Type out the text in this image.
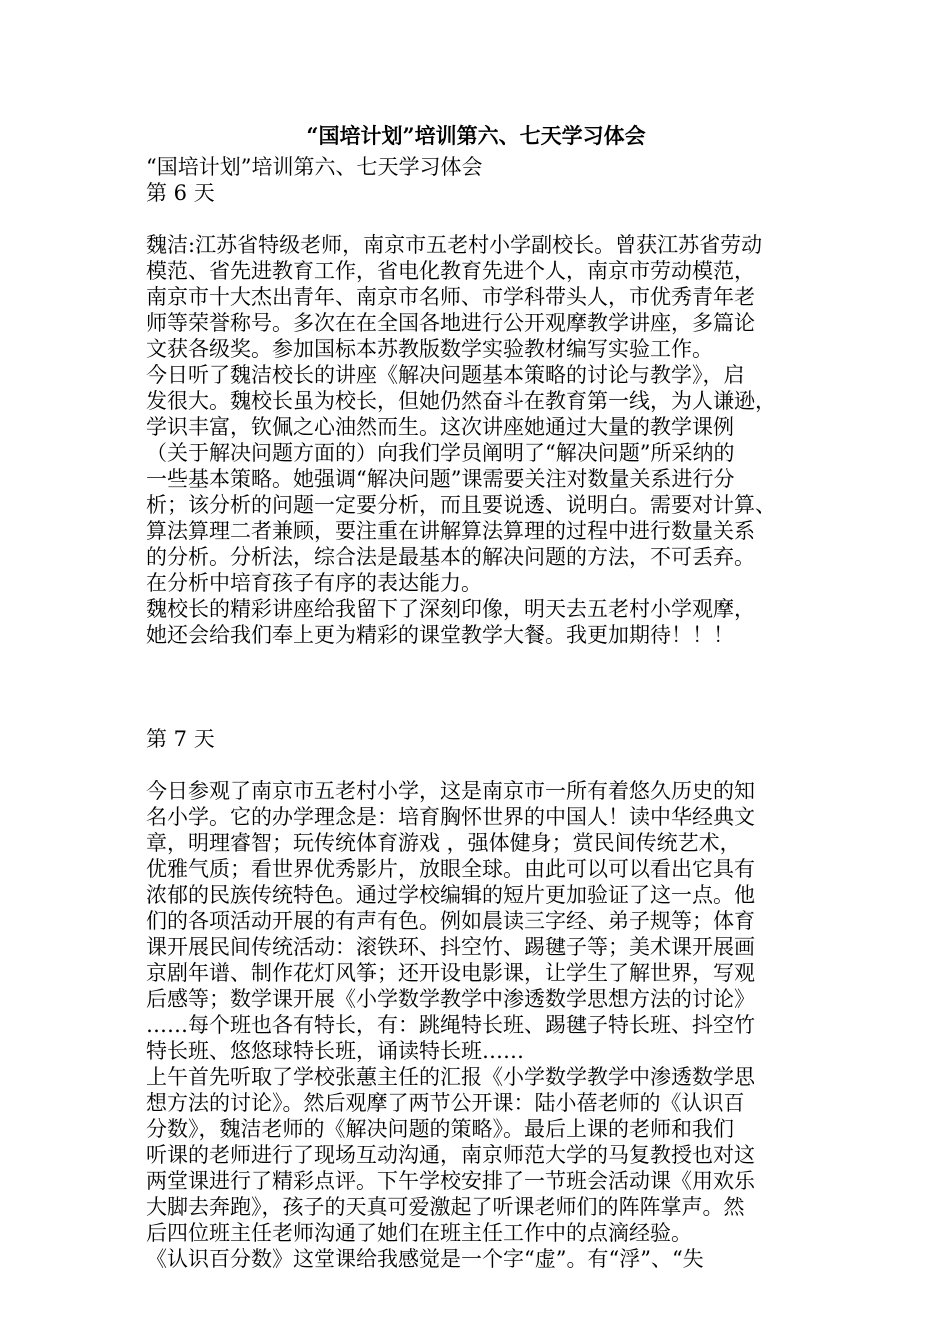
“国培计划”培训第六、七天学习体会

“国培计划”培训第六、七天学习体会

第 6 天

魏洁:江苏省特级老师，南京市五老村小学副校长。曾获江苏省劳动

模范、省先进教育工作，省电化教育先进个人，南京市劳动模范，

南京市十大杰出青年、南京市名师、市学科带头人，市优秀青年老

师等荣誉称号。多次在在全国各地进行公开观摩教学讲座，多篇论

文获各级奖。参加国标本苏教版数学实验教材编写实验工作。

今日听了魏洁校长的讲座《解决问题基本策略的讨论与教学》，启

发很大。魏校长虽为校长，但她仍然奋斗在教育第一线，为人谦逊，

学识丰富，钦佩之心油然而生。这次讲座她通过大量的教学课例

（关于解决问题方面的）向我们学员阐明了“解决问题”所采纳的

一些基本策略。她强调“解决问题”课需要关注对数量关系进行分

析；该分析的问题一定要分析，而且要说透、说明白。需要对计算、

算法算理二者兼顾，要注重在讲解算法算理的过程中进行数量关系

的分析。分析法，综合法是最基本的解决问题的方法，不可丢弃。

在分析中培育孩子有序的表达能力。

魏校长的精彩讲座给我留下了深刻印像，明天去五老村小学观摩，

她还会给我们奉上更为精彩的课堂教学大餐。我更加期待！！！

第 7 天

今日参观了南京市五老村小学，这是南京市一所有着悠久历史的知

名小学。它的办学理念是：培育胸怀世界的中国人！读中华经典文

章，明理睿智；玩传统体育游戏 ，强体健身；赏民间传统艺术，

优雅气质；看世界优秀影片，放眼全球。由此可以可以看出它具有

浓郁的民族传统特色。通过学校编辑的短片更加验证了这一点。他

们的各项活动开展的有声有色。例如晨读三字经、弟子规等；体育

课开展民间传统活动：滚铁环、抖空竹、踢毽子等；美术课开展画

京剧年谱、制作花灯风筝；还开设电影课，让学生了解世界，写观

后感等；数学课开展《小学数学教学中渗透数学思想方法的讨论》

……每个班也各有特长，有：跳绳特长班、踢毽子特长班、抖空竹

特长班、悠悠球特长班，诵读特长班……

上午首先听取了学校张蕙主任的汇报《小学数学教学中渗透数学思

想方法的讨论》。然后观摩了两节公开课：陆小蓓老师的《认识百

分数》，魏洁老师的《解决问题的策略》。最后上课的老师和我们

听课的老师进行了现场互动沟通，南京师范大学的马复教授也对这

两堂课进行了精彩点评。下午学校安排了一节班会活动课《用欢乐

大脚去奔跑》，孩子的天真可爱激起了听课老师们的阵阵掌声。然

后四位班主任老师沟通了她们在班主任工作中的点滴经验。

《认识百分数》这堂课给我感觉是一个字“虚”。有“浮”、“失
